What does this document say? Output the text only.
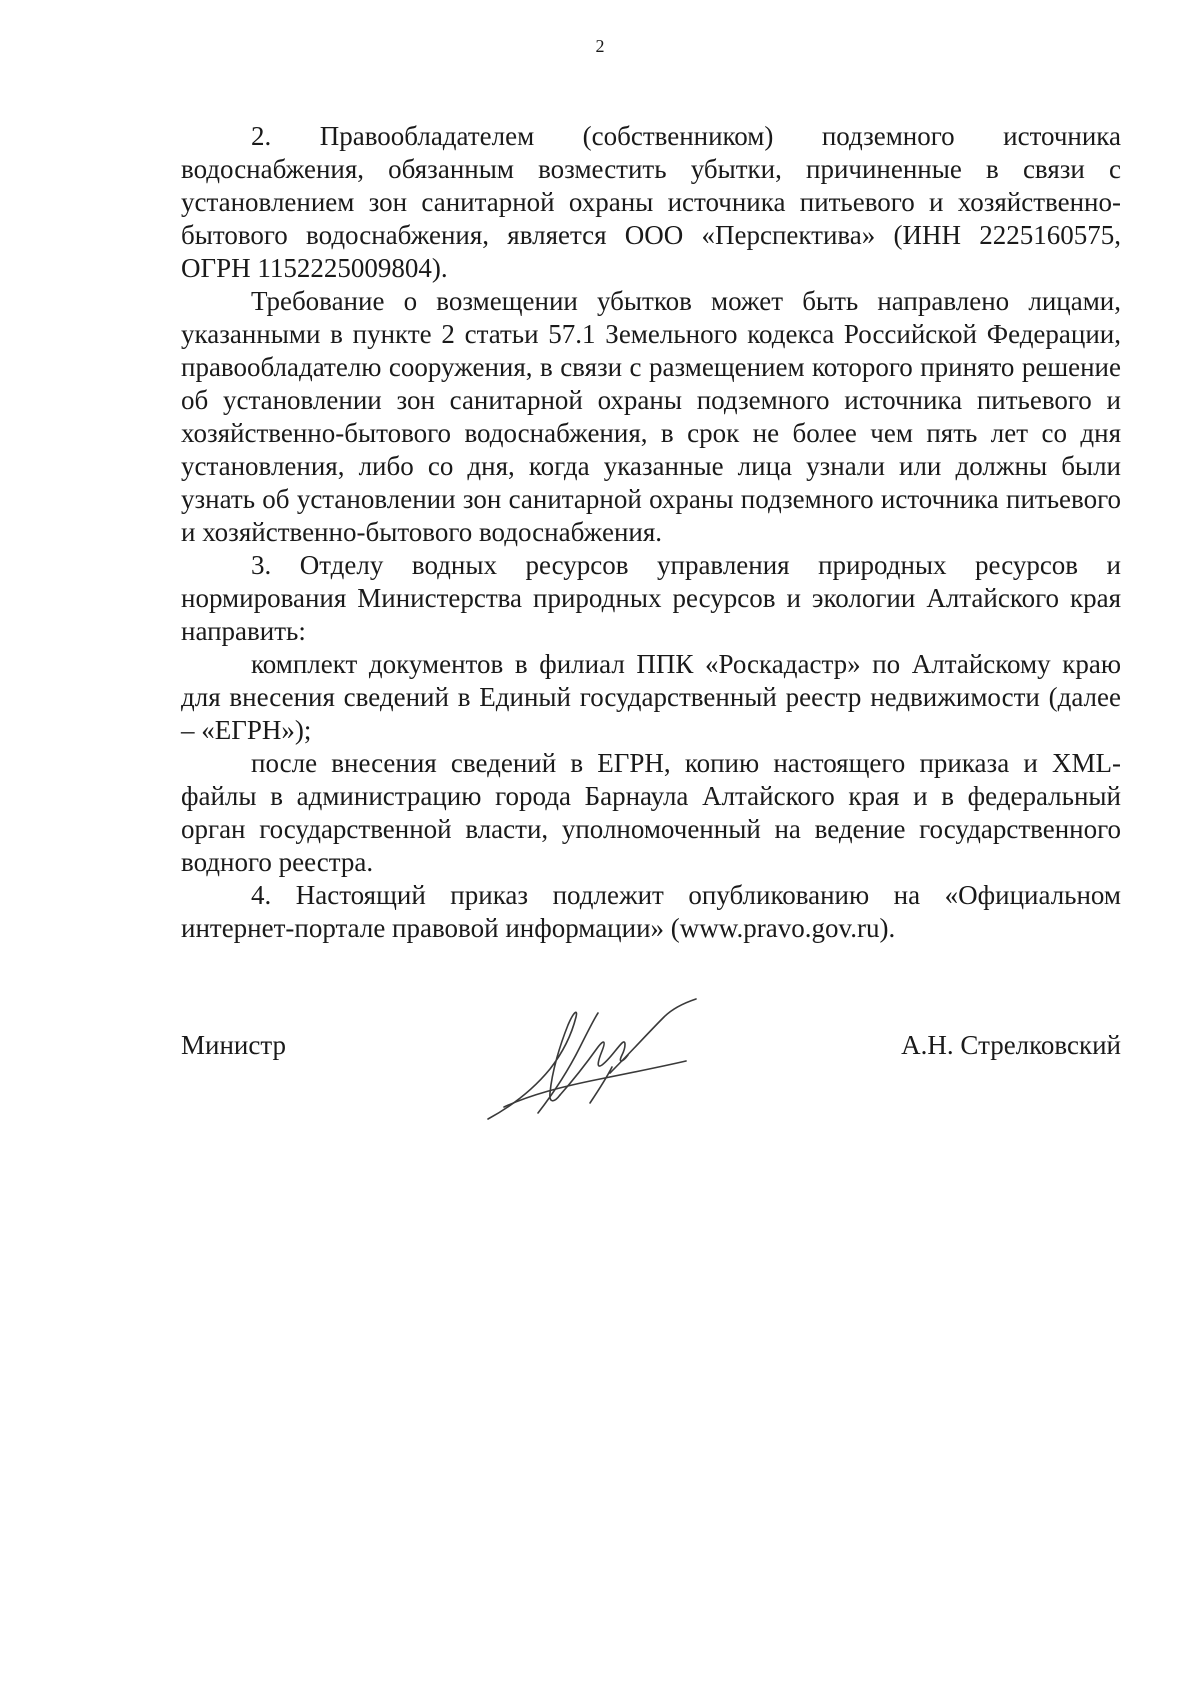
2

2. Правообладателем (собственником) подземного источника водоснабжения, обязанным возместить убытки, причиненные в связи с установлением зон санитарной охраны источника питьевого и хозяйственно-бытового водоснабжения, является ООО «Перспектива» (ИНН 2225160575, ОГРН 1152225009804).

Требование о возмещении убытков может быть направлено лицами, указанными в пункте 2 статьи 57.1 Земельного кодекса Российской Федерации, правообладателю сооружения, в связи с размещением которого принято решение об установлении зон санитарной охраны подземного источника питьевого и хозяйственно-бытового водоснабжения, в срок не более чем пять лет со дня установления, либо со дня, когда указанные лица узнали или должны были узнать об установлении зон санитарной охраны подземного источника питьевого и хозяйственно-бытового водоснабжения.

3. Отделу водных ресурсов управления природных ресурсов и нормирования Министерства природных ресурсов и экологии Алтайского края направить:

комплект документов в филиал ППК «Роскадастр» по Алтайскому краю для внесения сведений в Единый государственный реестр недвижимости (далее – «ЕГРН»);

после внесения сведений в ЕГРН, копию настоящего приказа и XML-файлы в администрацию города Барнаула Алтайского края и в федеральный орган государственной власти, уполномоченный на ведение государственного водного реестра.

4. Настоящий приказ подлежит опубликованию на «Официальном интернет-портале правовой информации» (www.pravo.gov.ru).

Министр	А.Н. Стрелковский
